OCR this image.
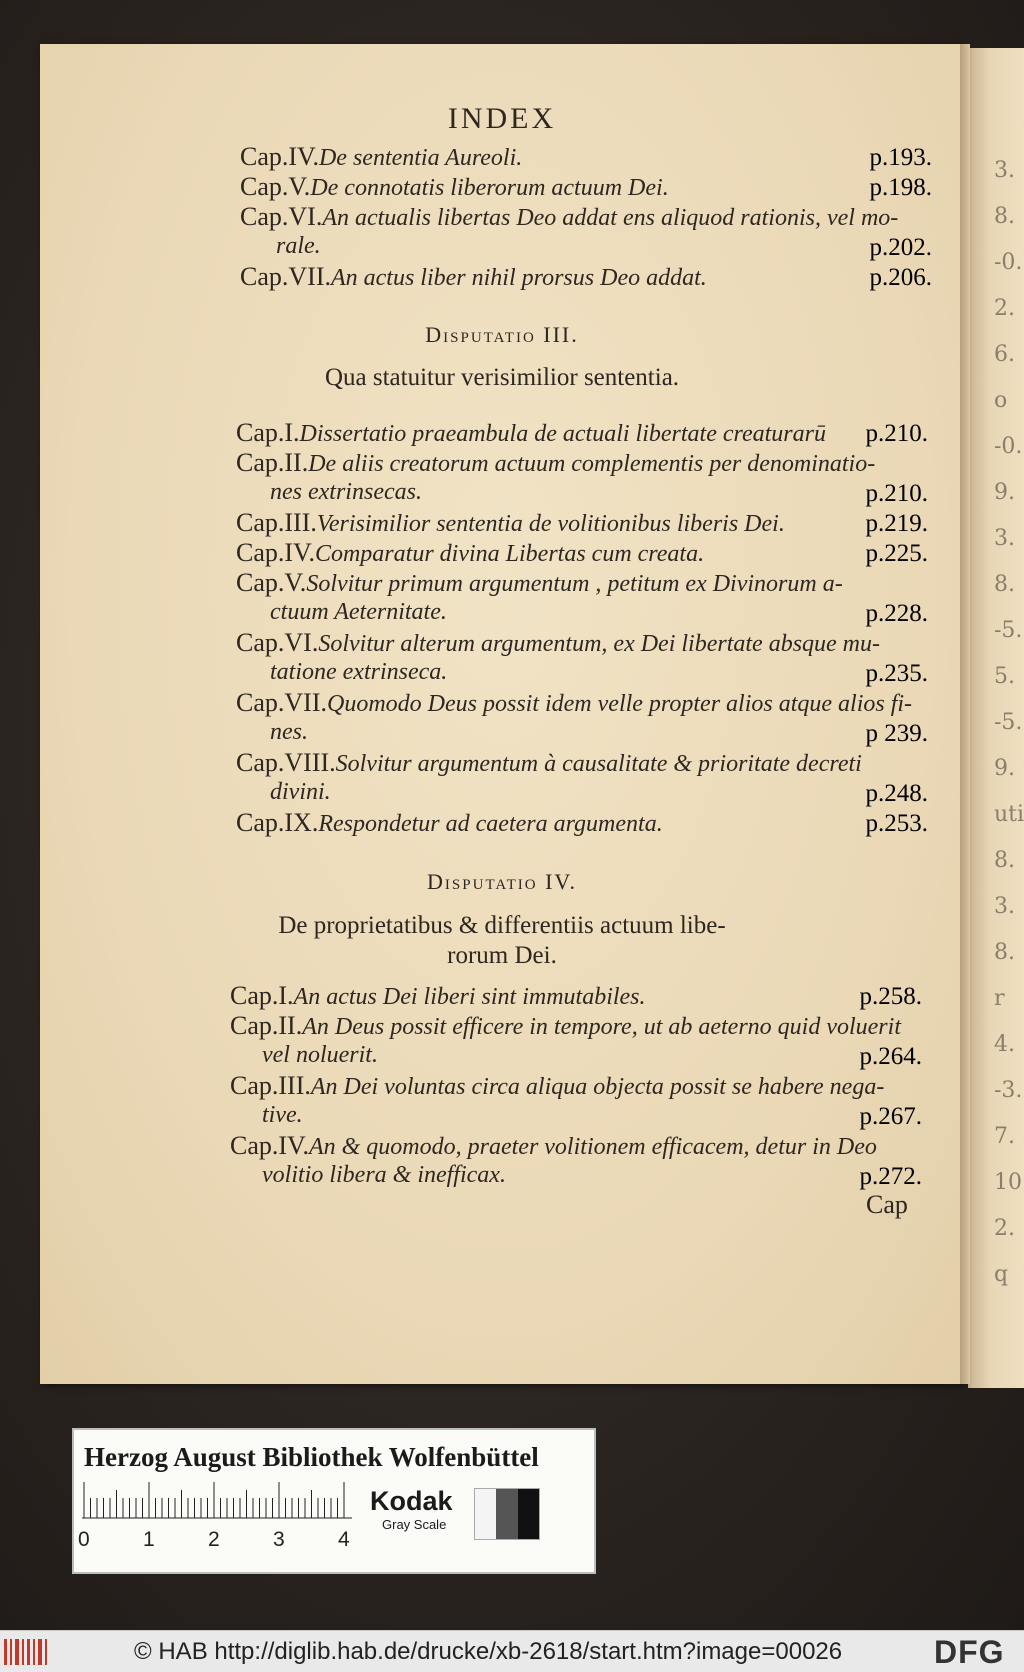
3.
8.
-0.
2.
6.
o
-0.
9.
3.
8.
-5.
5.
-5.
9.
uti
8.
3.
8.
r
4.
-3.
7.
10
2.
q
INDEX
Cap.IV.De sententia Aureoli.	p.193.
Cap.V.De connotatis liberorum actuum Dei.	p.198.
Cap.VI.An actualis libertas Deo addat ens aliquod rationis, vel mo-
rale.	p.202.
Cap.VII.An actus liber nihil prorsus Deo addat.	p.206.
Cap.I.Dissertatio praeambula de actuali libertate creaturarū p.210.
Cap.II.De aliis creatorum actuum complementis per denominatio-
nes extrinsecas.	p.210.
Cap.III.Verisimilior sententia de volitionibus liberis Dei.	p.219.
Cap.IV.Comparatur divina Libertas cum creata.	p.225.
Cap.V.Solvitur primum argumentum , petitum ex Divinorum a-
ctuum Aeternitate.	p.228.
Cap.VI.Solvitur alterum argumentum, ex Dei libertate absque mu-
tatione extrinseca.	p.235.
Cap.VII.Quomodo Deus possit idem velle propter alios atque alios fi-
nes.	p 239.
Cap.VIII.Solvitur argumentum à causalitate & prioritate decreti
divini.	p.248.
Cap.IX.Respondetur ad caetera argumenta.	p.253.
Cap.I.An actus Dei liberi sint immutabiles.	p.258.
Cap.II.An Deus possit efficere in tempore, ut ab aeterno quid voluerit
vel noluerit.	p.264.
Cap.III.An Dei voluntas circa aliqua objecta possit se habere nega-
tive.	p.267.
Cap.IV.An & quomodo, praeter volitionem efficacem, detur in Deo
volitio libera & inefficax.	p.272.
Disputatio III.
Qua statuitur verisimilior sententia.
Disputatio IV.
De proprietatibus & differentiis actuum libe-
rorum Dei.
Cap
Herzog August Bibliothek Wolfenbüttel
0	1	2	3	4
Kodak
Gray Scale
© HAB http://diglib.hab.de/drucke/xb-2618/start.htm?image=00026	DFG
